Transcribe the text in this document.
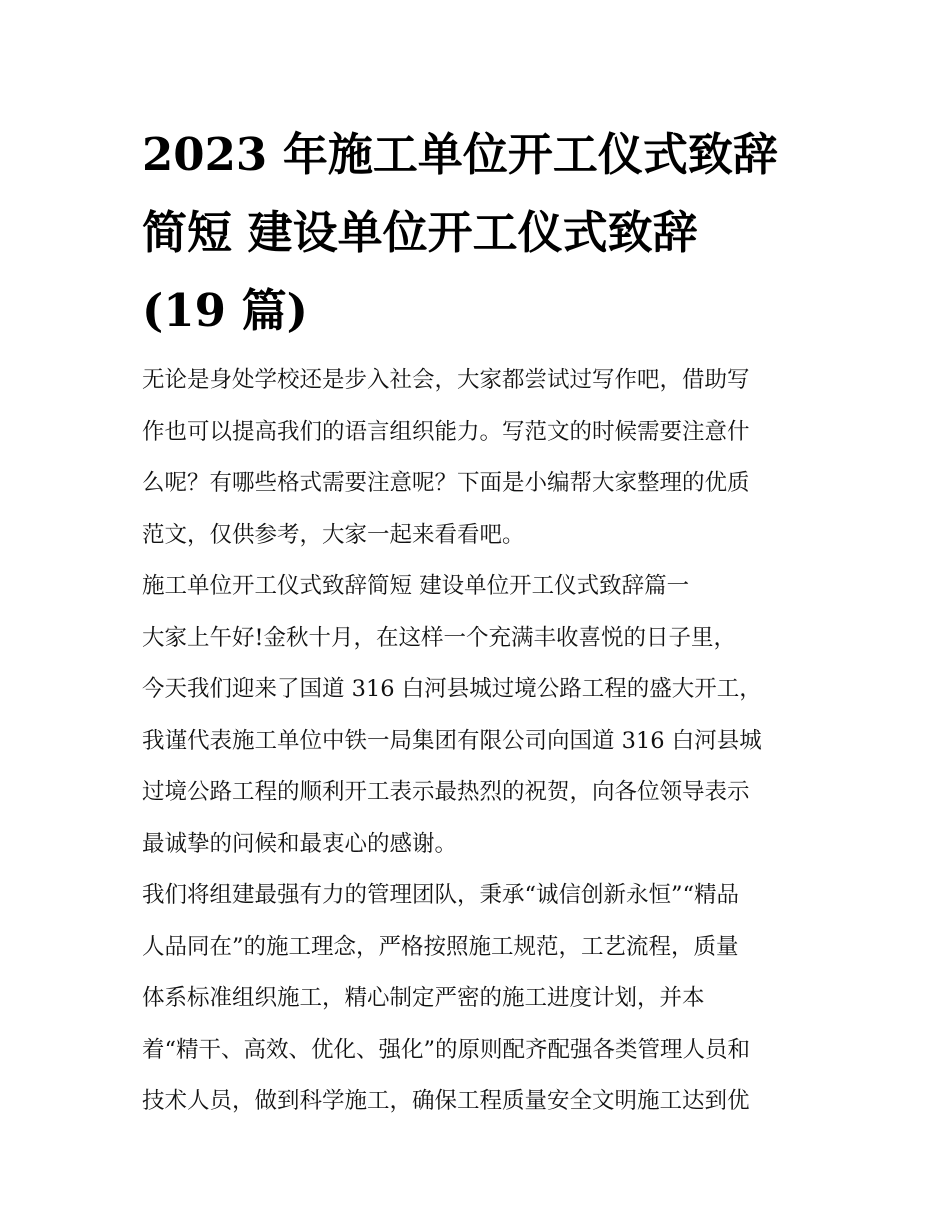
2023 年施工单位开工仪式致辞
简短 建设单位开工仪式致辞
(19 篇)
无论是身处学校还是步入社会，大家都尝试过写作吧，借助写
作也可以提高我们的语言组织能力。写范文的时候需要注意什
么呢？有哪些格式需要注意呢？下面是小编帮大家整理的优质
范文，仅供参考，大家一起来看看吧。
施工单位开工仪式致辞简短 建设单位开工仪式致辞篇一
大家上午好!金秋十月，在这样一个充满丰收喜悦的日子里，
今天我们迎来了国道 316 白河县城过境公路工程的盛大开工，
我谨代表施工单位中铁一局集团有限公司向国道 316 白河县城
过境公路工程的顺利开工表示最热烈的祝贺，向各位领导表示
最诚挚的问候和最衷心的感谢。
我们将组建最强有力的管理团队，秉承“诚信创新永恒”“精品
人品同在”的施工理念，严格按照施工规范，工艺流程，质量
体系标准组织施工，精心制定严密的施工进度计划，并本
着“精干、高效、优化、强化”的原则配齐配强各类管理人员和
技术人员，做到科学施工，确保工程质量安全文明施工达到优
